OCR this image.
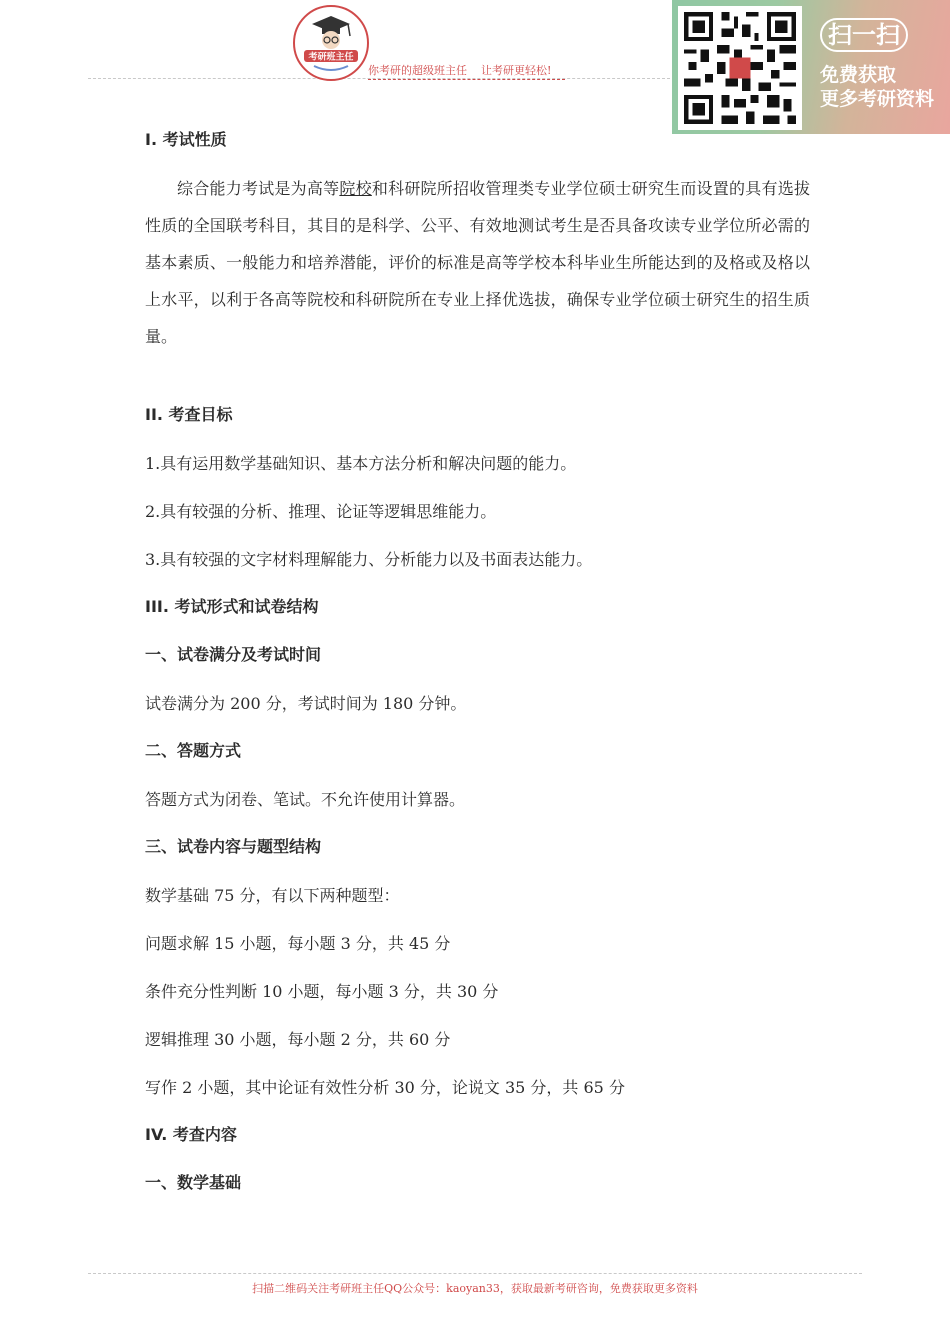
考研班主任
你考研的超级班主任 让考研更轻松!
扫一扫
免费获取
更多考研资料
I. 考试性质

综合能力考试是为高等院校和科研院所招收管理类专业学位硕士研究生而设置的具有选拔性质的全国联考科目，其目的是科学、公平、有效地测试考生是否具备攻读专业学位所必需的基本素质、一般能力和培养潜能，评价的标准是高等学校本科毕业生所能达到的及格或及格以上水平，以利于各高等院校和科研院所在专业上择优选拔，确保专业学位硕士研究生的招生质量。

II. 考查目标

1.具有运用数学基础知识、基本方法分析和解决问题的能力。

2.具有较强的分析、推理、论证等逻辑思维能力。

3.具有较强的文字材料理解能力、分析能力以及书面表达能力。

III. 考试形式和试卷结构
一、试卷满分及考试时间

试卷满分为 200 分，考试时间为 180 分钟。

二、答题方式

答题方式为闭卷、笔试。不允许使用计算器。

三、试卷内容与题型结构

数学基础 75 分，有以下两种题型：

问题求解 15 小题，每小题 3 分，共 45 分

条件充分性判断 10 小题，每小题 3 分，共 30 分

逻辑推理 30 小题，每小题 2 分，共 60 分

写作 2 小题，其中论证有效性分析 30 分，论说文 35 分，共 65 分

IV. 考查内容
一、数学基础
扫描二维码关注考研班主任QQ公众号：kaoyan33，获取最新考研咨询，免费获取更多资料
